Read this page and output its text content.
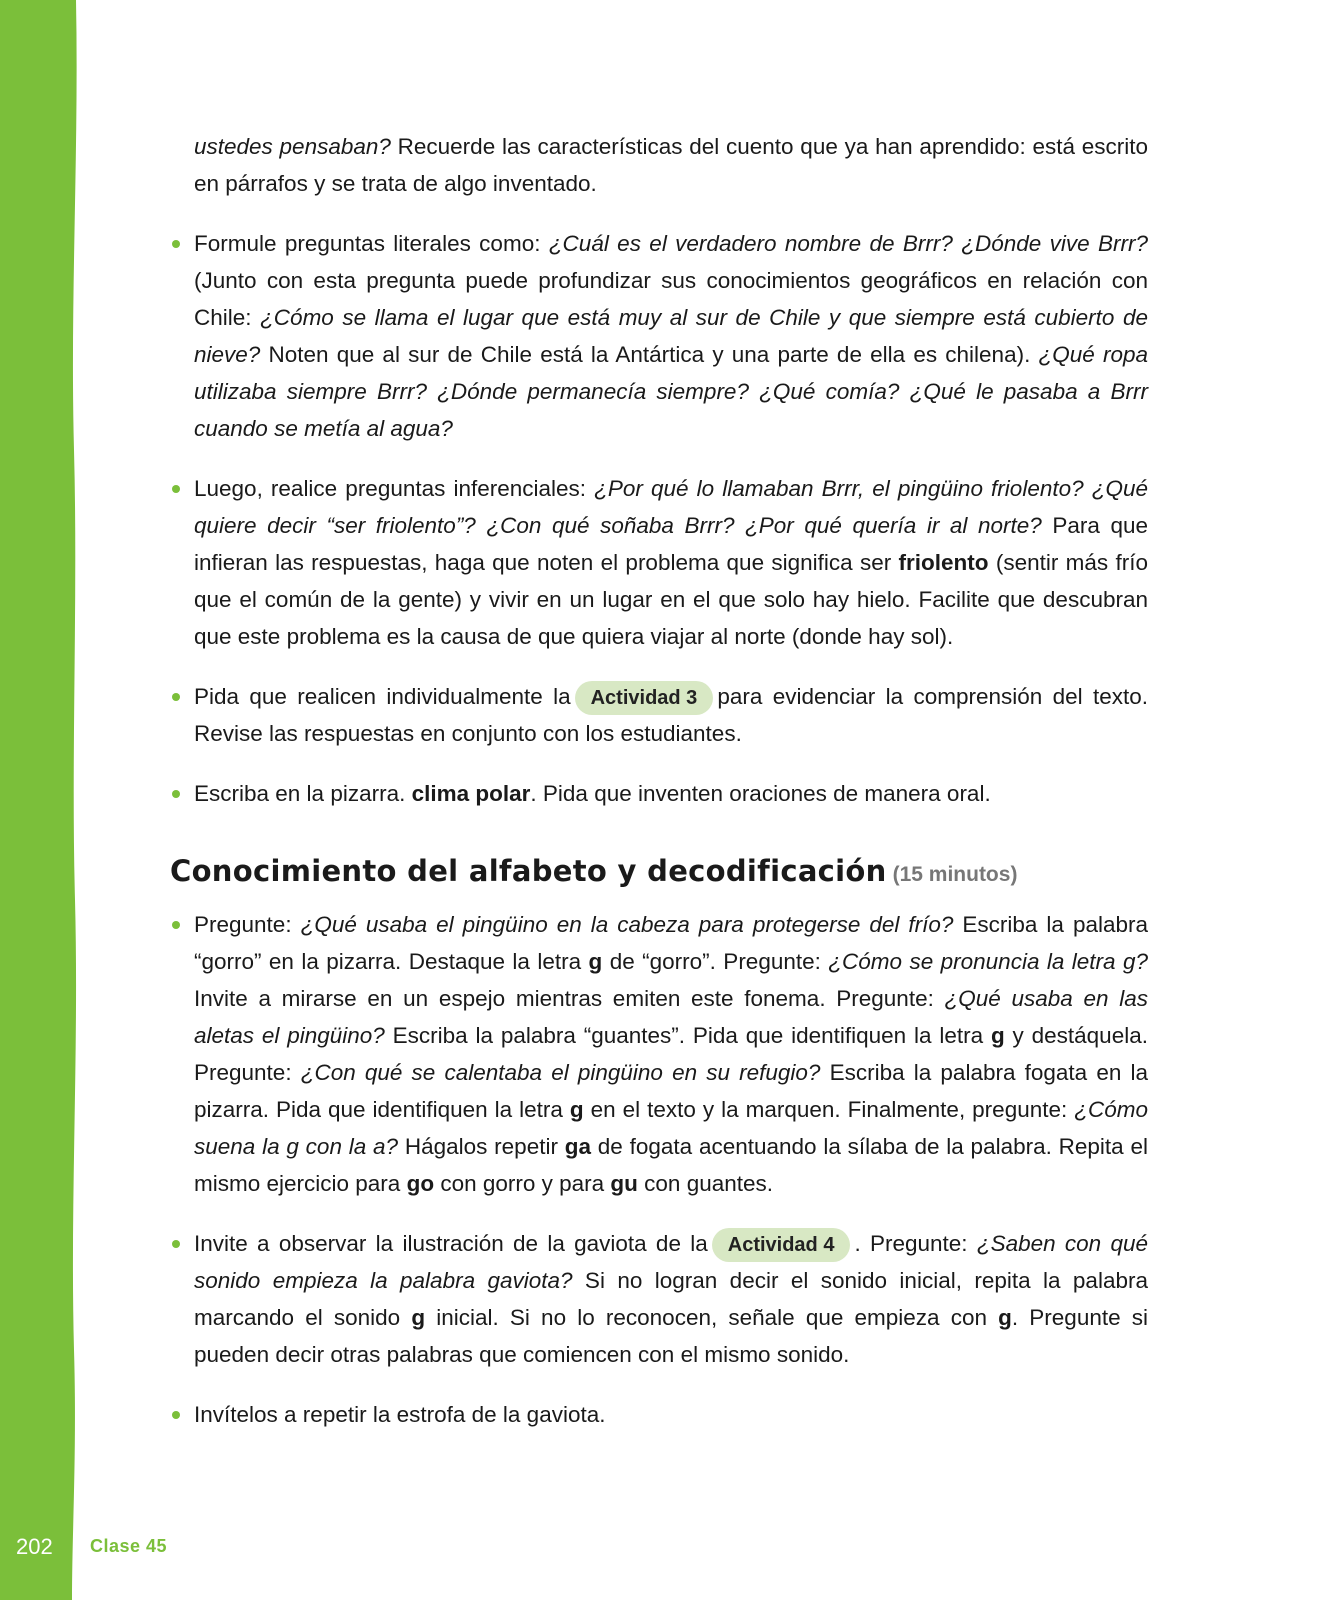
ustedes pensaban? Recuerde las características del cuento que ya han aprendido: está escrito en párrafos y se trata de algo inventado.

Formule preguntas literales como: ¿Cuál es el verdadero nombre de Brrr? ¿Dónde vive Brrr? (Junto con esta pregunta puede profundizar sus conocimientos geográficos en relación con Chile: ¿Cómo se llama el lugar que está muy al sur de Chile y que siempre está cubierto de nieve? Noten que al sur de Chile está la Antártica y una parte de ella es chilena). ¿Qué ropa utilizaba siempre Brrr? ¿Dónde permanecía siempre? ¿Qué comía? ¿Qué le pasaba a Brrr cuando se metía al agua?
Luego, realice preguntas inferenciales: ¿Por qué lo llamaban Brrr, el pingüino friolento? ¿Qué quiere decir “ser friolento”? ¿Con qué soñaba Brrr? ¿Por qué quería ir al norte? Para que infieran las respuestas, haga que noten el problema que significa ser friolento (sentir más frío que el común de la gente) y vivir en un lugar en el que solo hay hielo. Facilite que descubran que este problema es la causa de que quiera viajar al norte (donde hay sol).
Pida que realicen individualmente la Actividad 3 para evidenciar la comprensión del texto. Revise las respuestas en conjunto con los estudiantes.
Escriba en la pizarra. clima polar. Pida que inventen oraciones de manera oral.
Conocimiento del alfabeto y decodificación (15 minutos)
Pregunte: ¿Qué usaba el pingüino en la cabeza para protegerse del frío? Escriba la palabra “gorro” en la pizarra. Destaque la letra g de “gorro”. Pregunte: ¿Cómo se pronuncia la letra g? Invite a mirarse en un espejo mientras emiten este fonema. Pregunte: ¿Qué usaba en las aletas el pingüino? Escriba la palabra “guantes”. Pida que identifiquen la letra g y destáquela. Pregunte: ¿Con qué se calentaba el pingüino en su refugio? Escriba la palabra fogata en la pizarra. Pida que identifiquen la letra g en el texto y la marquen. Finalmente, pregunte: ¿Cómo suena la g con la a? Hágalos repetir ga de fogata acentuando la sílaba de la palabra. Repita el mismo ejercicio para go con gorro y para gu con guantes.
Invite a observar la ilustración de la gaviota de la Actividad 4 . Pregunte: ¿Saben con qué sonido empieza la palabra gaviota? Si no logran decir el sonido inicial, repita la palabra marcando el sonido g inicial. Si no lo reconocen, señale que empieza con g. Pregunte si pueden decir otras palabras que comiencen con el mismo sonido.
Invítelos a repetir la estrofa de la gaviota.
202 Clase 45
